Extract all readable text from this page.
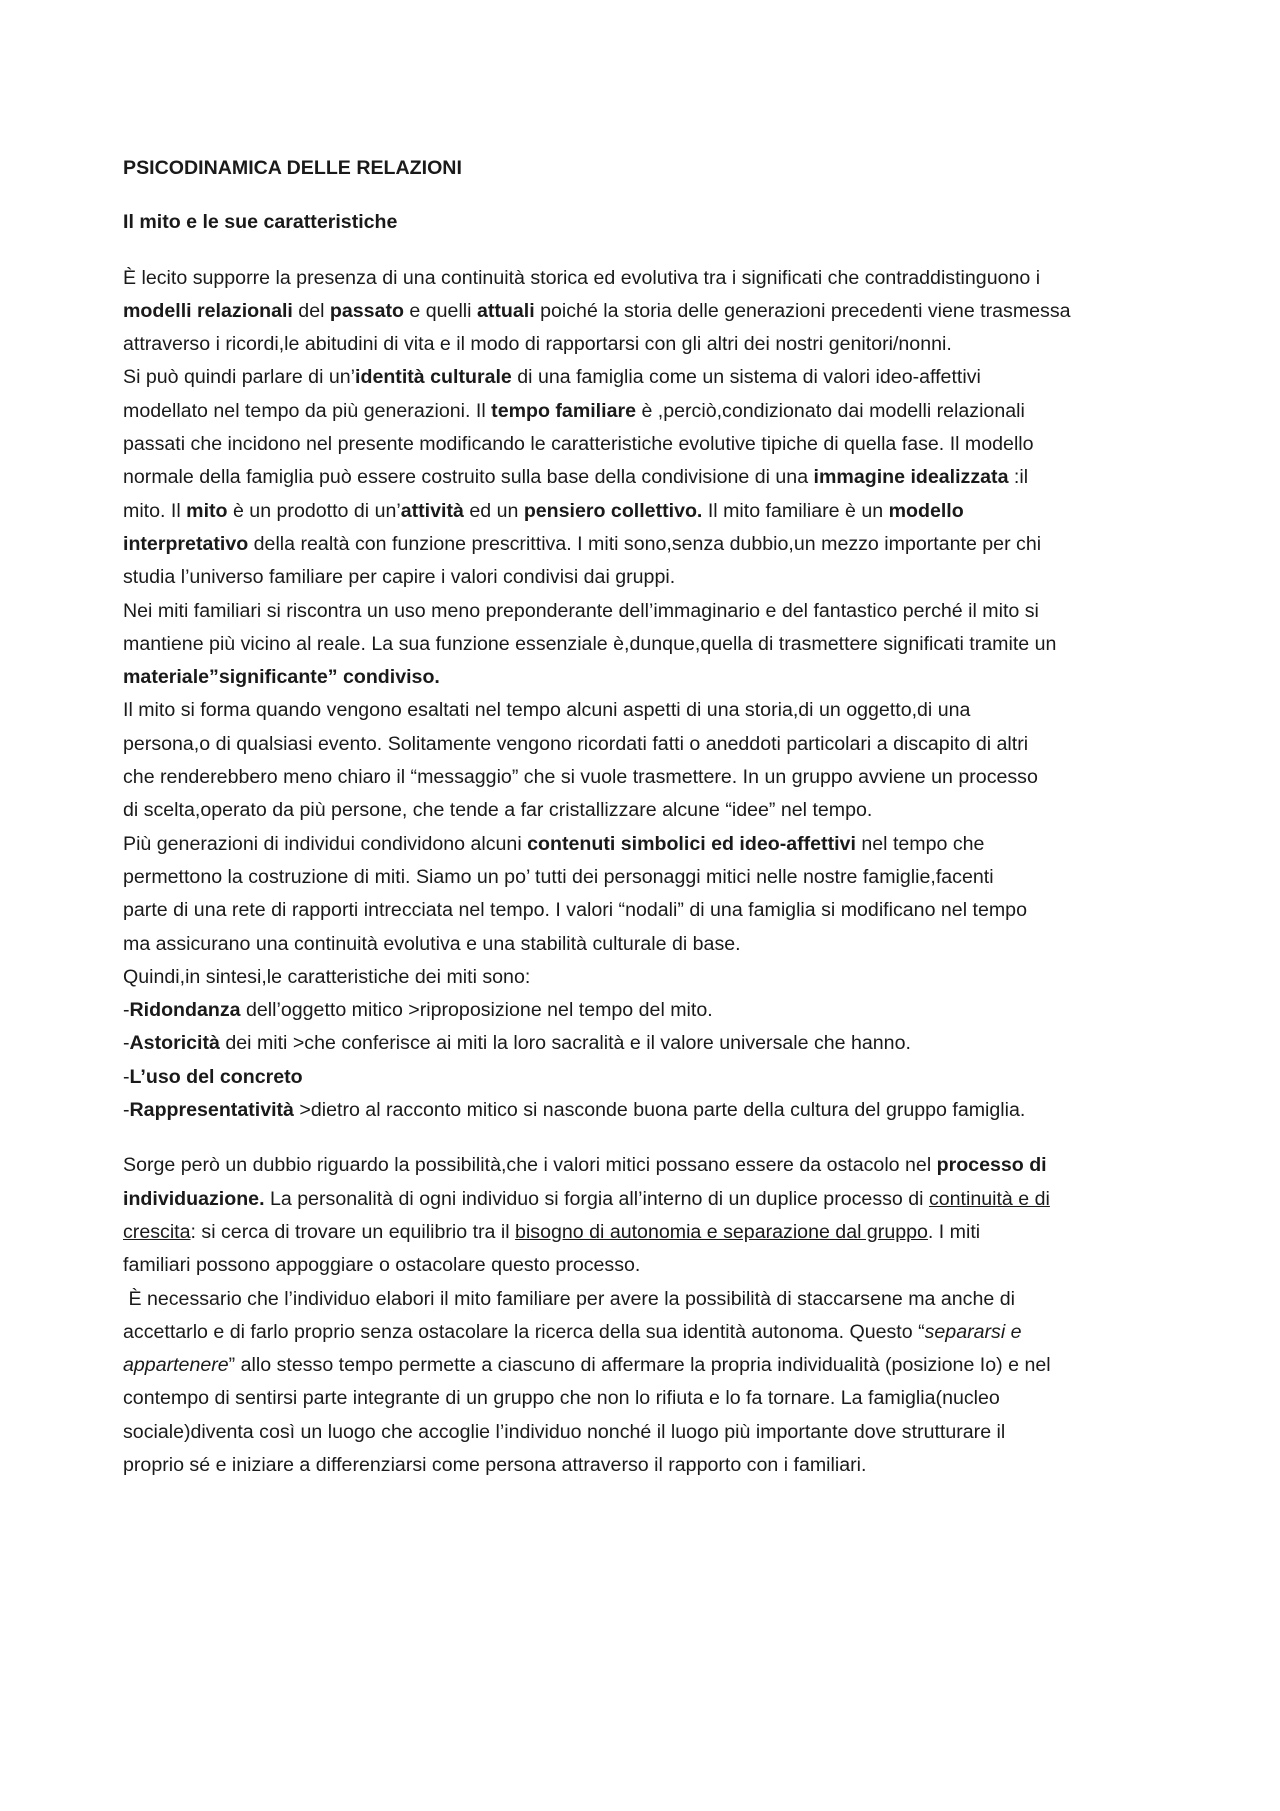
PSICODINAMICA DELLE RELAZIONI

Il mito e le sue caratteristiche

È lecito supporre la presenza di una continuità storica ed evolutiva tra i significati che contraddistinguono i
modelli relazionali del passato e quelli attuali poiché la storia delle generazioni precedenti viene trasmessa
attraverso i ricordi,le abitudini di vita e il modo di rapportarsi con gli altri dei nostri genitori/nonni.
Si può quindi parlare di un’identità culturale di una famiglia come un sistema di valori ideo-affettivi
modellato nel tempo da più generazioni. Il tempo familiare è ,perciò,condizionato dai modelli relazionali
passati che incidono nel presente modificando le caratteristiche evolutive tipiche di quella fase. Il modello
normale della famiglia può essere costruito sulla base della condivisione di una immagine idealizzata :il
mito. Il mito è un prodotto di un’attività ed un pensiero collettivo. Il mito familiare è un modello
interpretativo della realtà con funzione prescrittiva. I miti sono,senza dubbio,un mezzo importante per chi
studia l’universo familiare per capire i valori condivisi dai gruppi.
Nei miti familiari si riscontra un uso meno preponderante dell’immaginario e del fantastico perché il mito si
mantiene più vicino al reale. La sua funzione essenziale è,dunque,quella di trasmettere significati tramite un
materiale”significante” condiviso.
Il mito si forma quando vengono esaltati nel tempo alcuni aspetti di una storia,di un oggetto,di una
persona,o di qualsiasi evento. Solitamente vengono ricordati fatti o aneddoti particolari a discapito di altri
che renderebbero meno chiaro il “messaggio” che si vuole trasmettere. In un gruppo avviene un processo
di scelta,operato da più persone, che tende a far cristallizzare alcune “idee” nel tempo.
Più generazioni di individui condividono alcuni contenuti simbolici ed ideo-affettivi nel tempo che
permettono la costruzione di miti. Siamo un po’ tutti dei personaggi mitici nelle nostre famiglie,facenti
parte di una rete di rapporti intrecciata nel tempo. I valori “nodali” di una famiglia si modificano nel tempo
ma assicurano una continuità evolutiva e una stabilità culturale di base.
Quindi,in sintesi,le caratteristiche dei miti sono:
-Ridondanza dell’oggetto mitico >riproposizione nel tempo del mito.
-Astoricità dei miti >che conferisce ai miti la loro sacralità e il valore universale che hanno.
-L’uso del concreto
-Rappresentatività >dietro al racconto mitico si nasconde buona parte della cultura del gruppo famiglia.
Sorge però un dubbio riguardo la possibilità,che i valori mitici possano essere da ostacolo nel processo di
individuazione. La personalità di ogni individuo si forgia all’interno di un duplice processo di continuità e di
crescita: si cerca di trovare un equilibrio tra il bisogno di autonomia e separazione dal gruppo. I miti
familiari possono appoggiare o ostacolare questo processo.
È necessario che l’individuo elabori il mito familiare per avere la possibilità di staccarsene ma anche di
accettarlo e di farlo proprio senza ostacolare la ricerca della sua identità autonoma. Questo “separarsi e
appartenere” allo stesso tempo permette a ciascuno di affermare la propria individualità (posizione Io) e nel
contempo di sentirsi parte integrante di un gruppo che non lo rifiuta e lo fa tornare. La famiglia(nucleo
sociale)diventa così un luogo che accoglie l’individuo nonché il luogo più importante dove strutturare il
proprio sé e iniziare a differenziarsi come persona attraverso il rapporto con i familiari.
